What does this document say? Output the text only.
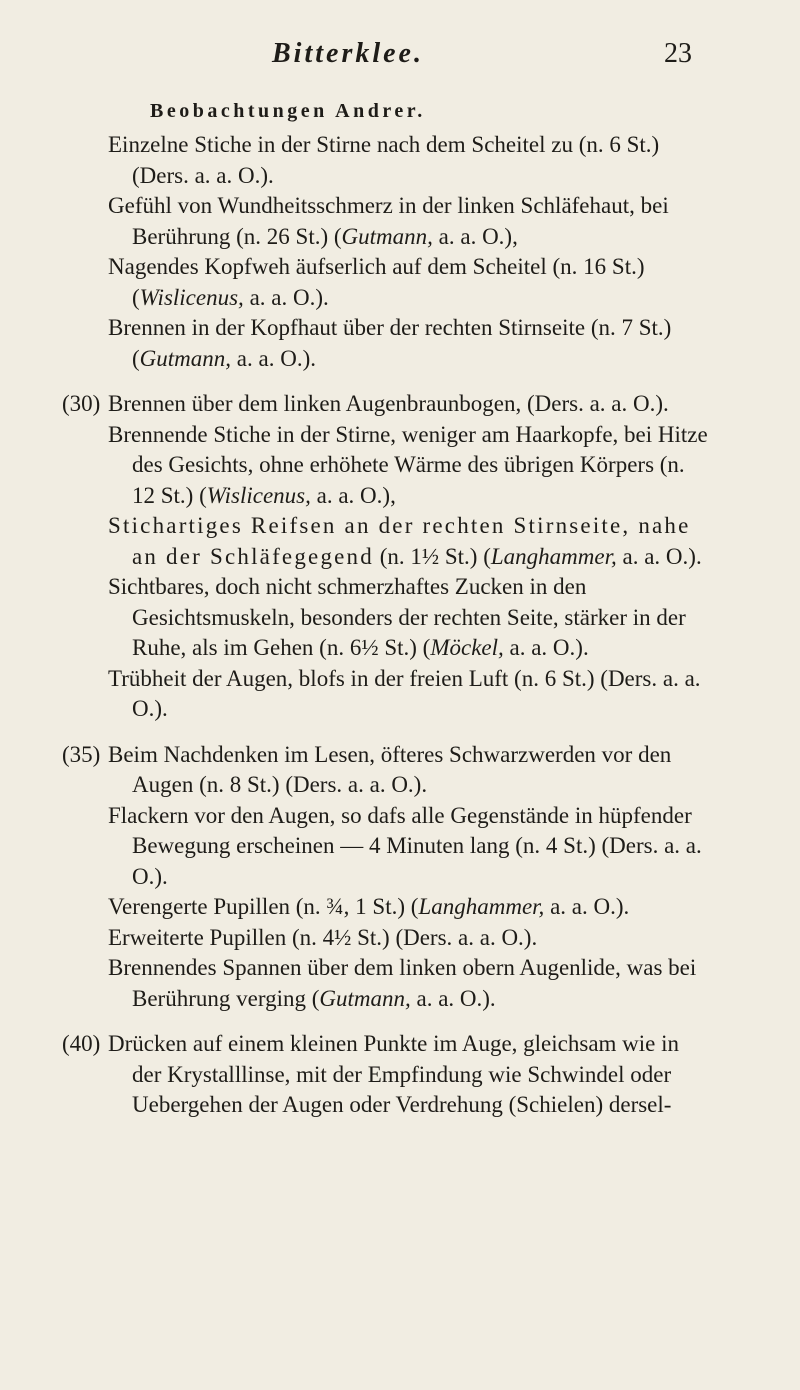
Bitterklee.	23
Beobachtungen Andrer.

Einzelne Stiche in der Stirne nach dem Scheitel zu (n. 6 St.) (Ders. a. a. O.).

Gefühl von Wundheitsschmerz in der linken Schläfehaut, bei Berührung (n. 26 St.) (Gutmann, a. a. O.),

Nagendes Kopfweh äufserlich auf dem Scheitel (n. 16 St.) (Wislicenus, a. a. O.).

Brennen in der Kopfhaut über der rechten Stirnseite (n. 7 St.) (Gutmann, a. a. O.).

(30) Brennen über dem linken Augenbraunbogen, (Ders. a. a. O.).

Brennende Stiche in der Stirne, weniger am Haarkopfe, bei Hitze des Gesichts, ohne erhöhete Wärme des übrigen Körpers (n. 12 St.) (Wislicenus, a. a. O.),

Stichartiges Reifsen an der rechten Stirnseite, nahe an der Schläfegegend (n. 1½ St.) (Langhammer, a. a. O.).

Sichtbares, doch nicht schmerzhaftes Zucken in den Gesichtsmuskeln, besonders der rechten Seite, stärker in der Ruhe, als im Gehen (n. 6½ St.) (Möckel, a. a. O.).

Trübheit der Augen, blofs in der freien Luft (n. 6 St.) (Ders. a. a. O.).

(35) Beim Nachdenken im Lesen, öfteres Schwarzwerden vor den Augen (n. 8 St.) (Ders. a. a. O.).

Flackern vor den Augen, so dafs alle Gegenstände in hüpfender Bewegung erscheinen — 4 Minuten lang (n. 4 St.) (Ders. a. a. O.).

Verengerte Pupillen (n. ¾, 1 St.) (Langhammer, a. a. O.).

Erweiterte Pupillen (n. 4½ St.) (Ders. a. a. O.).

Brennendes Spannen über dem linken obern Augenlide, was bei Berührung verging (Gutmann, a. a. O.).

(40) Drücken auf einem kleinen Punkte im Auge, gleichsam wie in der Krystalllinse, mit der Empfindung wie Schwindel oder Uebergehen der Augen oder Verdrehung (Schielen) dersel-
